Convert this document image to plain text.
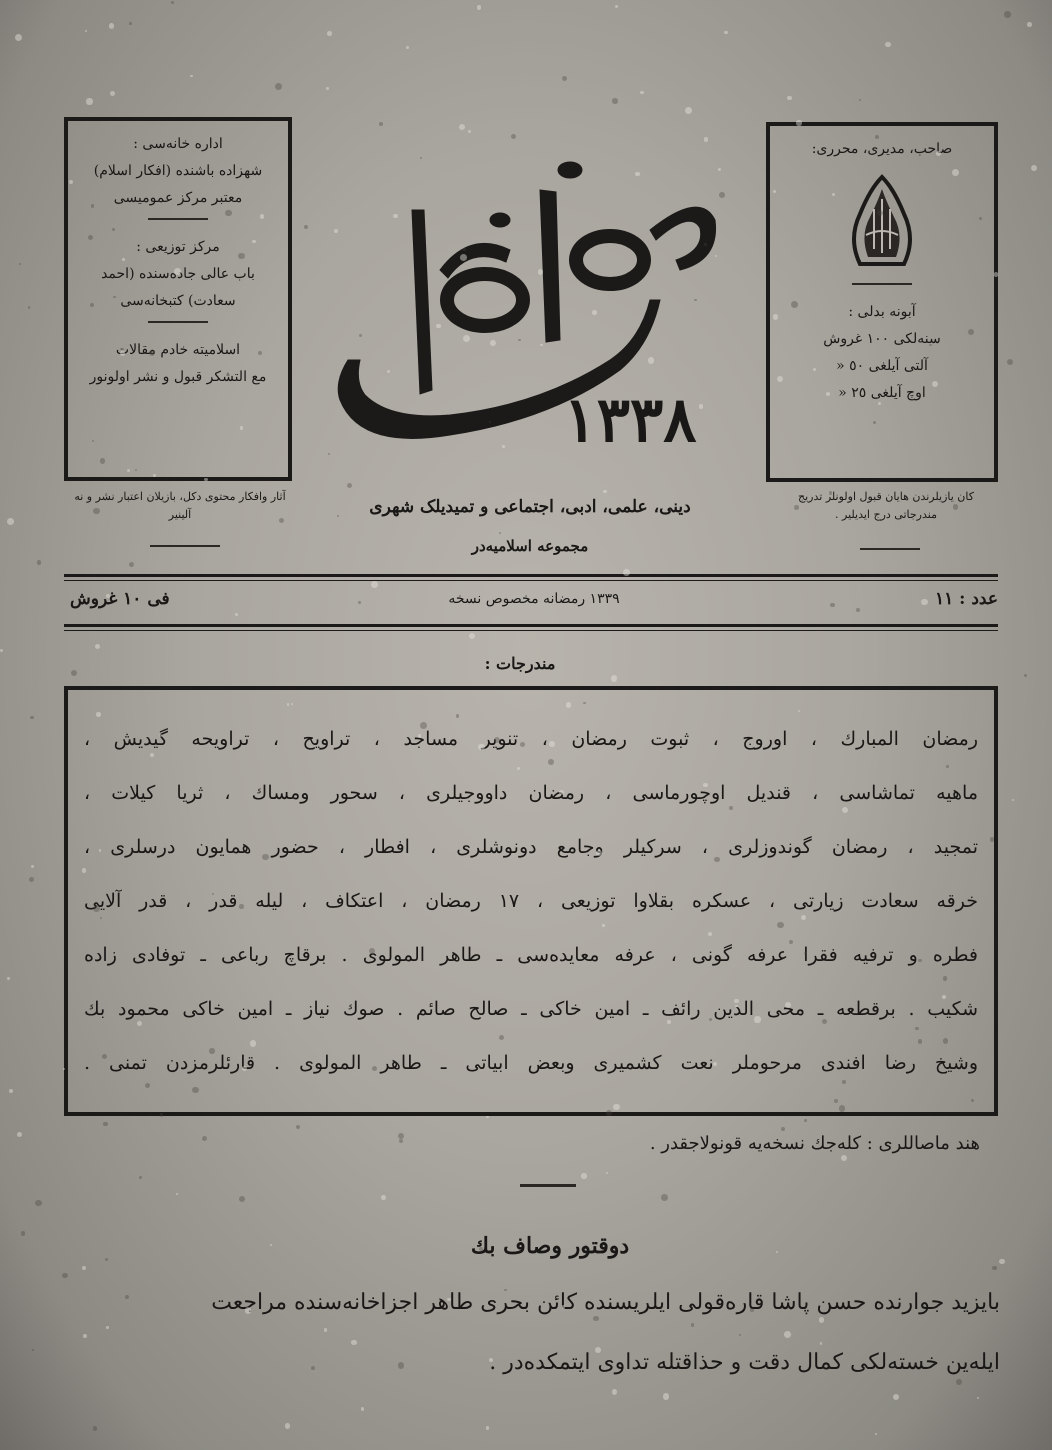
اداره خانه‌سی :
شهزاده باشنده (افکار اسلام)
معتبر مرکز عمومیسی
مرکز توزیعی :
باب عالی جاده‌سنده (احمد
سعادت) کتبخانه‌سی
اسلامیته خادم مقالات
مع التشکر قبول و نشر اولونور
آثار وافکار محتوی دکل، بازیلان اعتبار نشر و نه آلینیر
محفل
١٣٣٨
صاحب، مدیری، محرری:
آبونه بدلی :
سنه‌لکی ١٠٠ غروش
آلتی آیلغی ٥٠ «
اوچ آیلغی ٢٥ «
کان یازیلرندن هایان قبول اولونلر تدریج مندرجاتی درج ایدیلیر .
دینی، علمی، ادبی، اجتماعی و تمیدیلک شهری
مجموعه اسلامیه‌در
عدد : ١١
١٣٣٩ رمضانه مخصوص نسخه
فی ١٠ غروش
مندرجات :
رمضان المبارك ، اوروج ، ثبوت رمضان ، تنویر مساجد ، تراویح ، تراویحه گیدیش ،
ماهیه تماشاسی ، قندیل اوچورماسی ، رمضان داووجیلری ، سحور ومساك ، ثریا کیلات ،
تمجید ، رمضان گوندوزلری ، سرکیلر وجامع دونوشلری ، افطار ، حضور همایون درسلری ،
خرقه سعادت زیارتی ، عسکره بقلاوا توزیعی ، ١٧ رمضان ، اعتکاف ، لیله قدر ، قدر آلایی
فطره و ترفیه فقرا عرفه گونی ، عرفه معایده‌سی ـ طاهر المولوی . برقاچ رباعی ـ توفادی زاده
شکیب . برقطعه ـ محی الدین رائف ـ امین خاکی ـ صالح صائم . صوك نیاز ـ امین خاکی محمود بك
وشیخ رضا افندی مرحوملر نعت کشمیری وبعض ابیاتی ـ طاهر المولوی . قارئلرمزدن تمنی .
هند ماصاللری : کله‌جك نسخه‌یه قونولاجقدر .
دوقتور وصاف بك
بایزید جوارنده حسن پاشا قاره‌قولی ایلریسنده کائن بحری طاهر اجزاخانه‌سنده مراجعت
ایله‌ین خسته‌لکی کمال دقت و حذاقتله تداوی ایتمکده‌در .
